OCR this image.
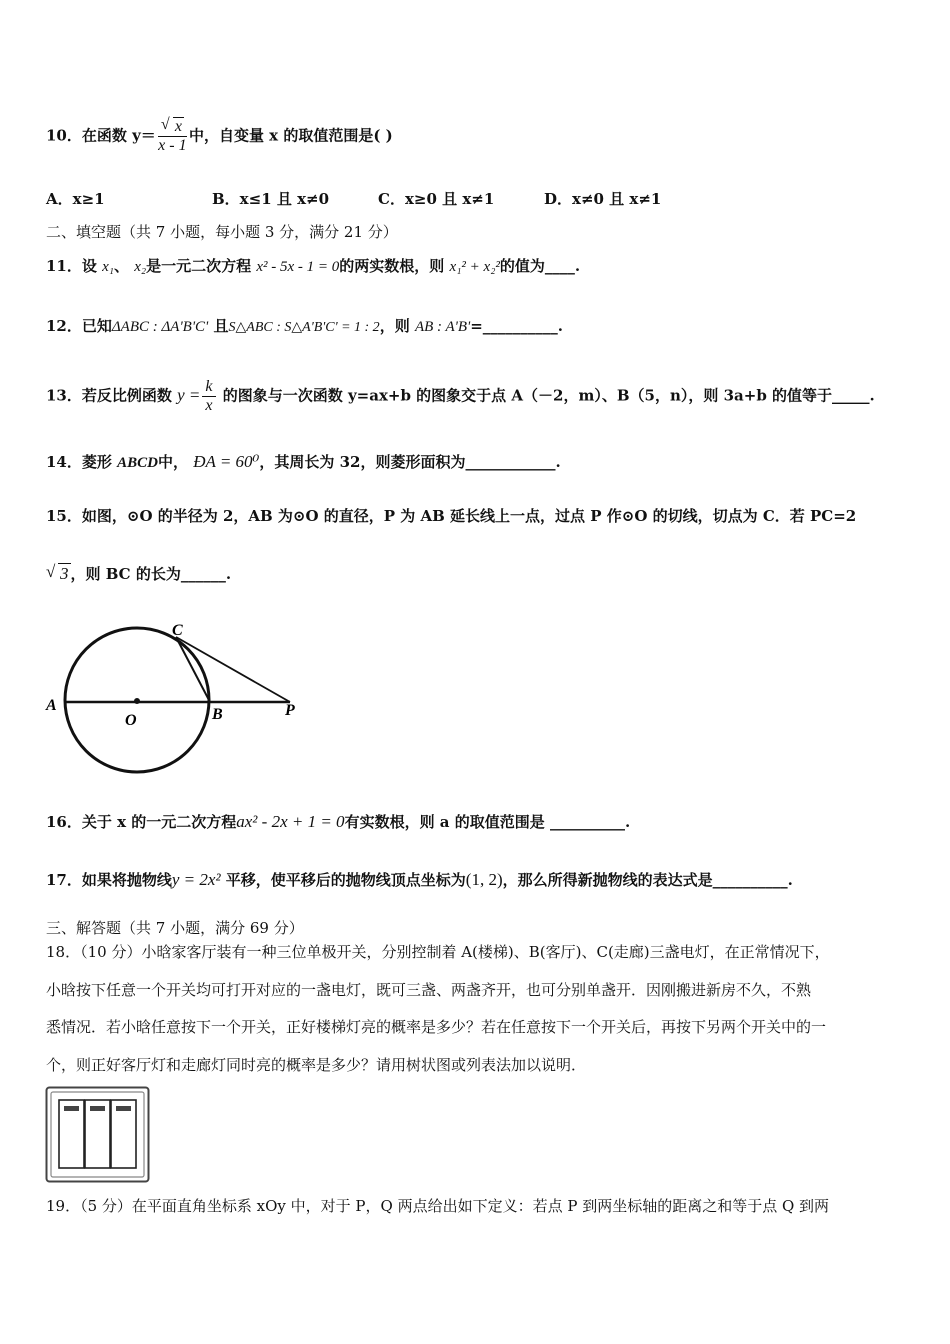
10．在函数 y＝
√ $\frac{x}{x - 1}$ 中，自变量 x 的取值范围是( )
A．x≥1	B．x≤1 且 x≠0	C．x≥0 且 x≠1	D．x≠0 且 x≠1
二、填空题（共 7 小题，每小题 3 分，满分 21 分）
11．设 x₁、 x₂是一元二次方程 x² - 5x - 1 = 0的两实数根，则 x₁² + x₂²的值为____.
12．已知ΔABC : ΔA'B'C' 且S△ABC : S△A'B'C' = 1 : 2，则 AB : A'B'=__________.
13．若反比例函数 $y = \frac{k}{x}$ 的图象与一次函数 y=ax+b 的图象交于点 A（－2，m）、B（5，n），则 3a+b 的值等于_____.
14．菱形 ABCD中， ÐA = 60⁰，其周长为 32，则菱形面积为____________.
15．如图，⊙O 的半径为 2，AB 为⊙O 的直径，P 为 AB 延长线上一点，过点 P 作⊙O 的切线，切点为 C．若 PC=2
√ 3 ，则 BC 的长为______.
C
A
O	B	P
16．关于 x 的一元二次方程ax² - 2x + 1 = 0有实数根，则 a 的取值范围是 __________.
17．如果将抛物线y = 2x² 平移，使平移后的抛物线顶点坐标为(1, 2)，那么所得新抛物线的表达式是__________.
三、解答题（共 7 小题，满分 69 分）
18．（10 分）小晗家客厅装有一种三位单极开关，分别控制着 A(楼梯)、B(客厅)、C(走廊)三盏电灯，在正常情况下，
小晗按下任意一个开关均可打开对应的一盏电灯，既可三盏、两盏齐开，也可分别单盏开．因刚搬进新房不久，不熟
悉情况．若小晗任意按下一个开关，正好楼梯灯亮的概率是多少？若在任意按下一个开关后，再按下另两个开关中的一
个，则正好客厅灯和走廊灯同时亮的概率是多少？请用树状图或列表法加以说明．
19．（5 分）在平面直角坐标系 xOy 中，对于 P，Q 两点给出如下定义：若点 P 到两坐标轴的距离之和等于点 Q 到两
